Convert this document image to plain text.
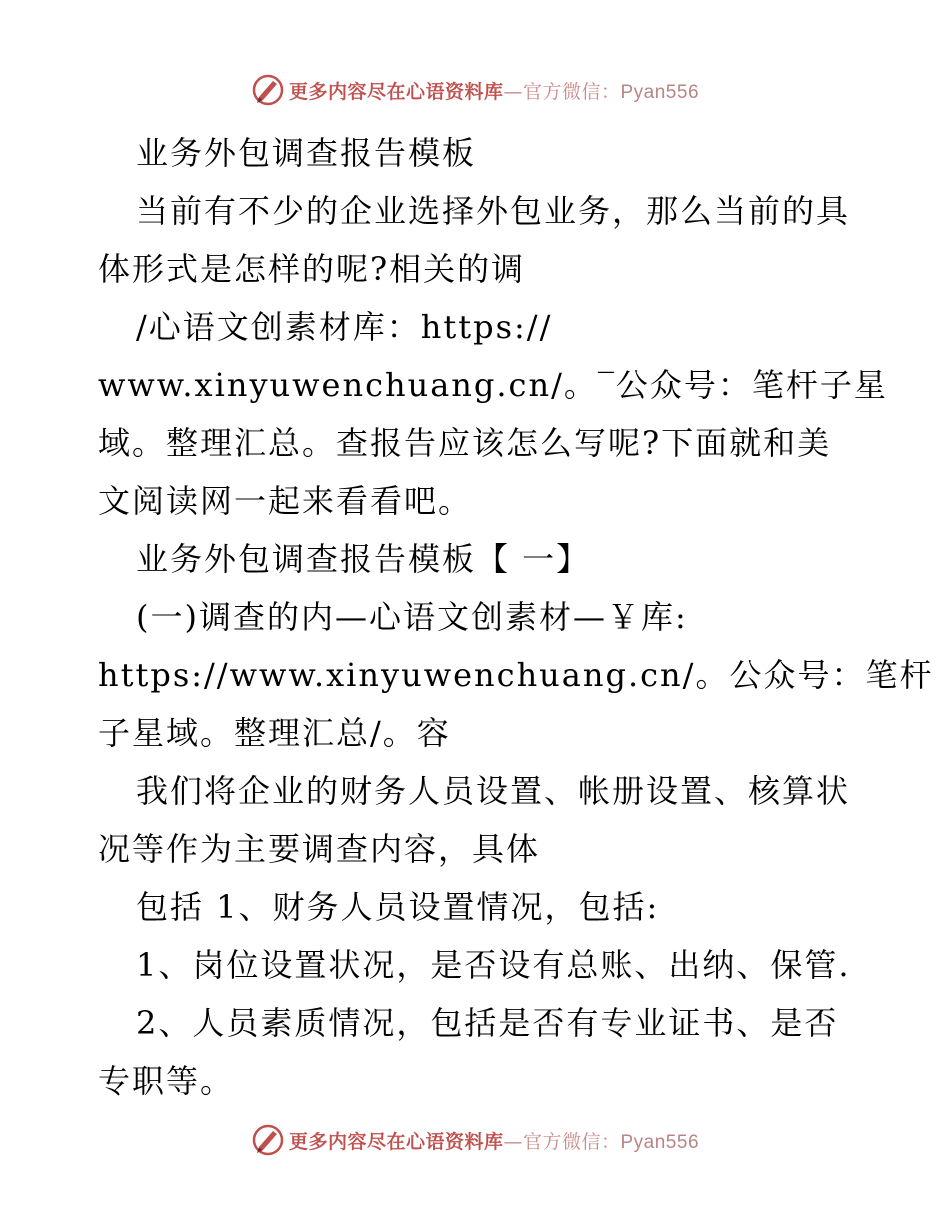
更多内容尽在心语资料库—官方微信：Pyan556
业务外包调查报告模板
当前有不少的企业选择外包业务，那么当前的具
体形式是怎样的呢?相关的调
/心语文创素材库：https://
www.xinyuwenchuang.cn/。‾公众号：笔杆子星
域。整理汇总。查报告应该怎么写呢?下面就和美
文阅读网一起来看看吧。
业务外包调查报告模板【 一】
(一)调查的内—心语文创素材—￥库:
https://www.xinyuwenchuang.cn/。公众号：笔杆
子星域。整理汇总/。容
我们将企业的财务人员设置、帐册设置、核算状
况等作为主要调查内容，具体
包括 1、财务人员设置情况，包括:
1、岗位设置状况，是否设有总账、出纳、保管.
2、人员素质情况，包括是否有专业证书、是否
专职等。
更多内容尽在心语资料库—官方微信：Pyan556
